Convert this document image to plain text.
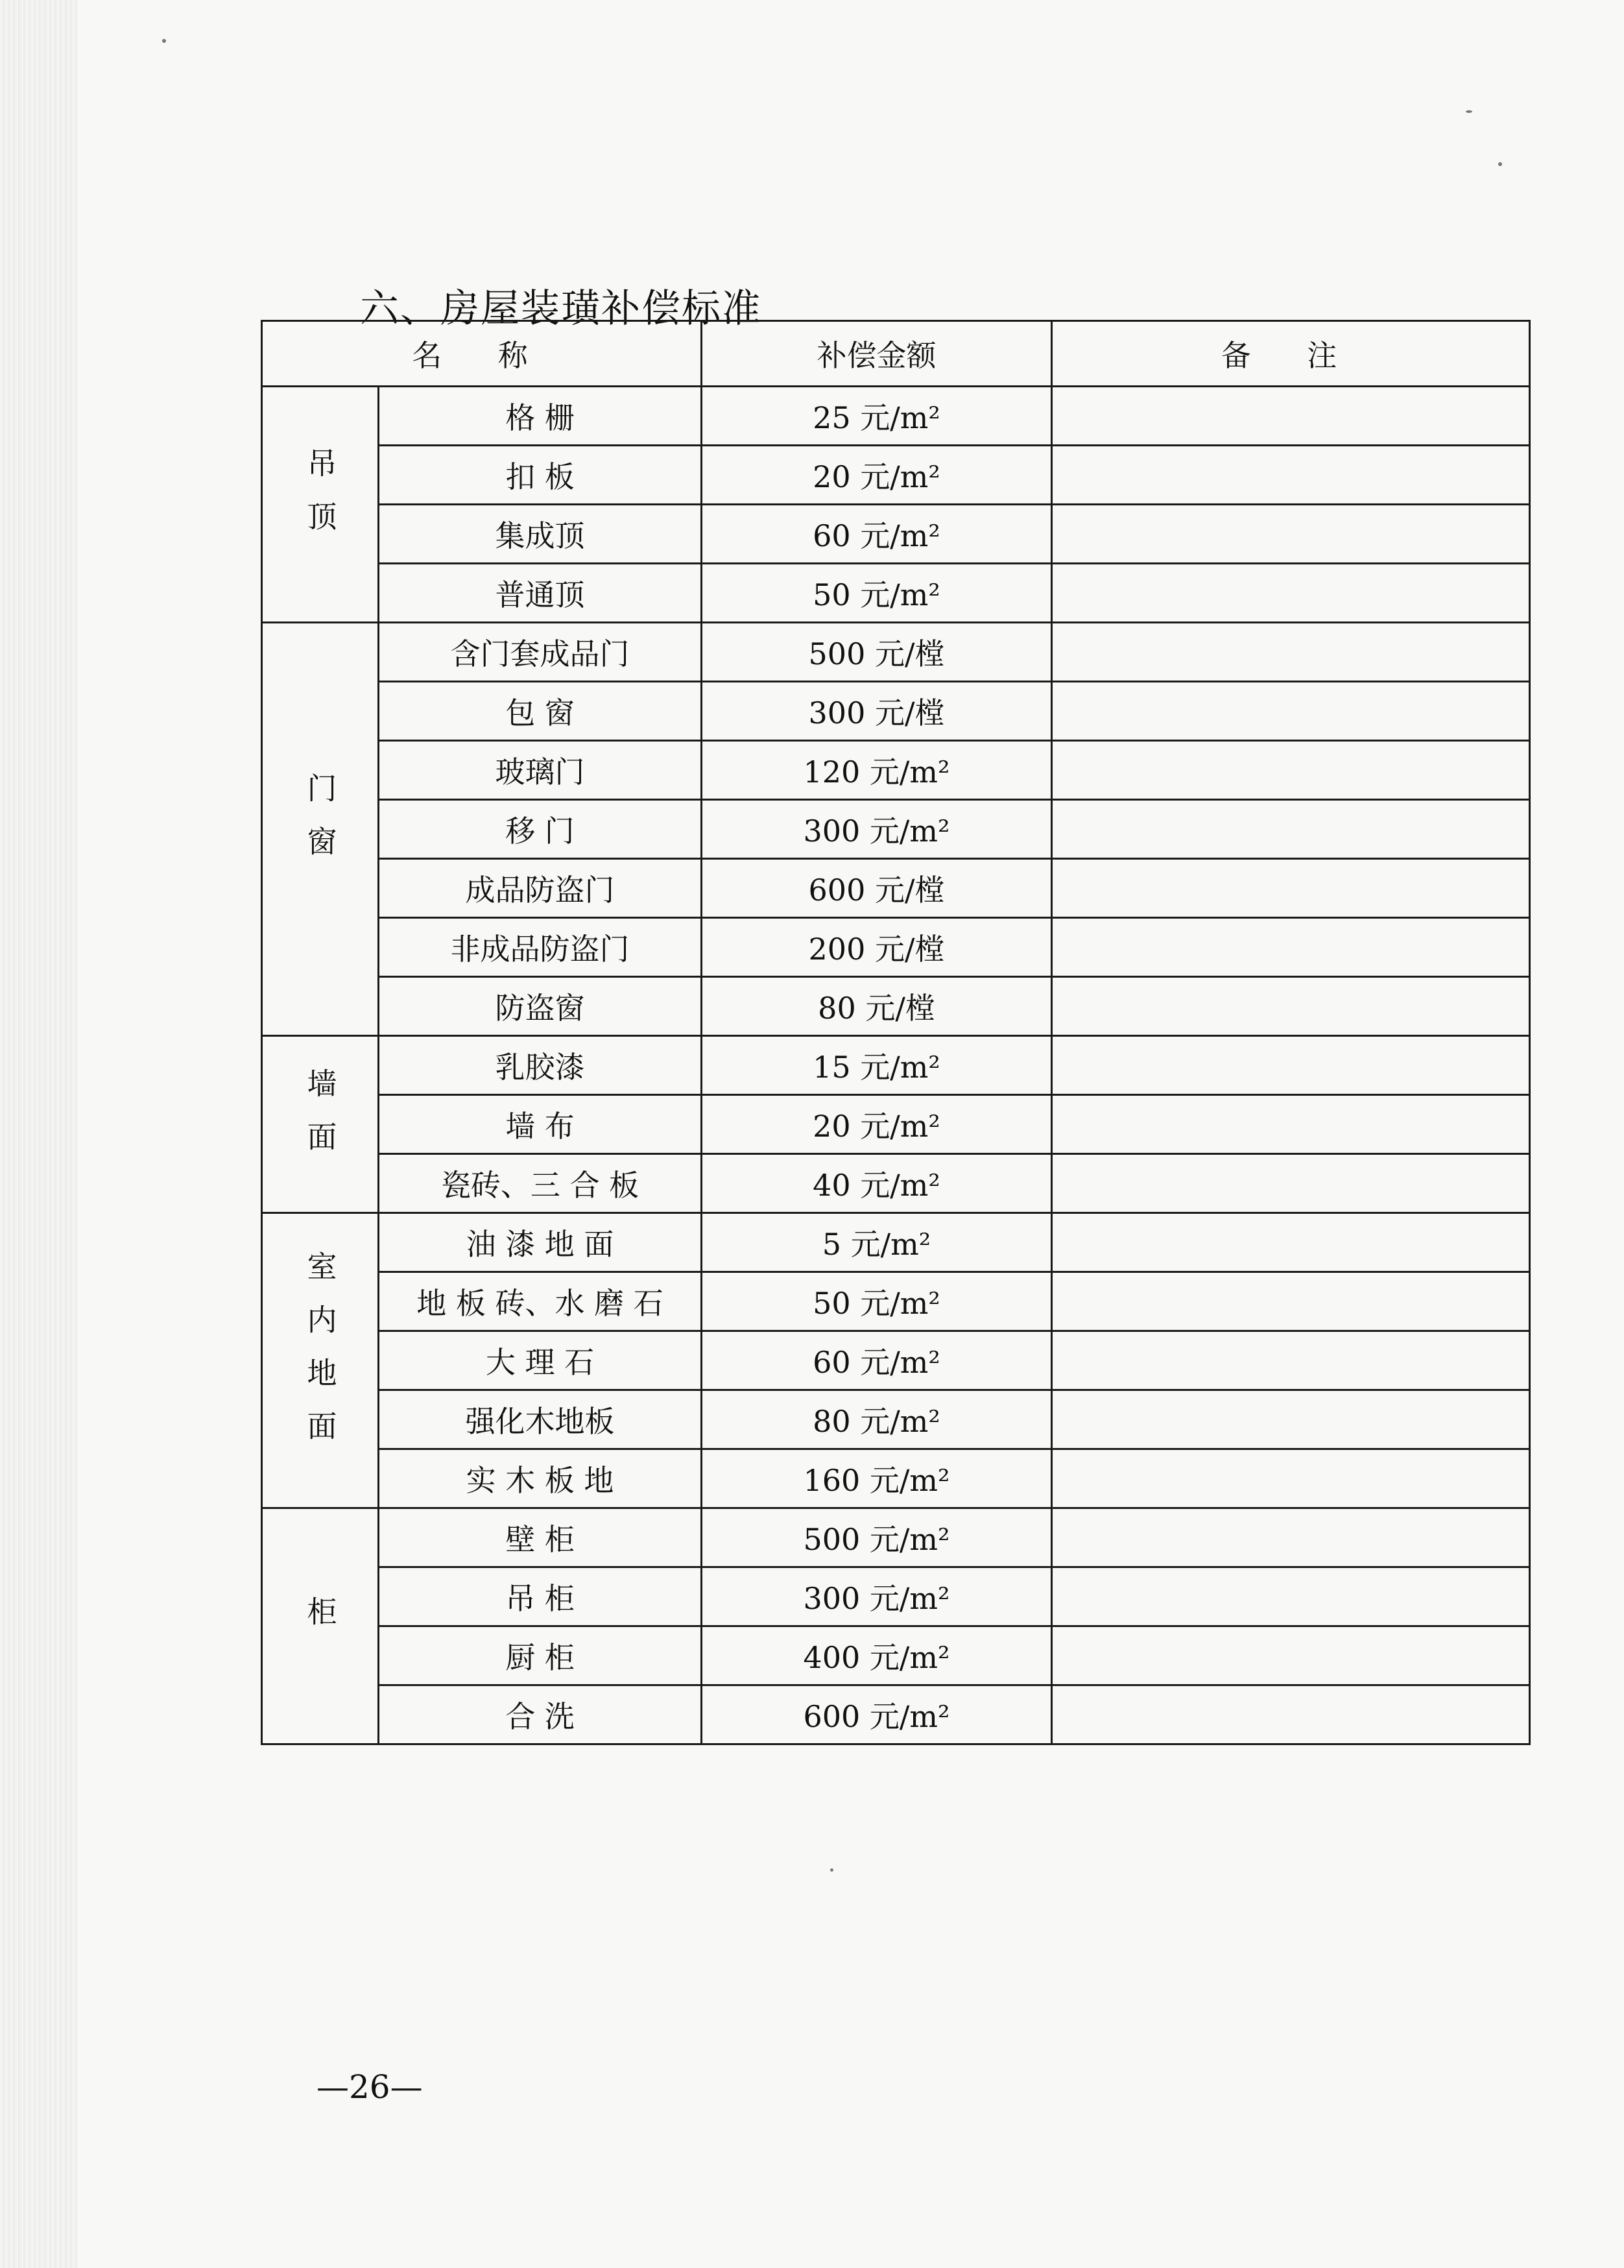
六、房屋装璜补偿标准
名 称		补偿金额	备 注
吊顶	格 栅	25 元/m²	
	扣 板	20 元/m²	
	集成顶	60 元/m²	
	普通顶	50 元/m²	
门窗	含门套成品门	500 元/樘	
	包 窗	300 元/樘	
	玻璃门	120 元/m²	
	移 门	300 元/m²	
	成品防盗门	600 元/樘	
	非成品防盗门	200 元/樘	
	防盗窗	80 元/樘	
墙面	乳胶漆	15 元/m²	
	墙 布	20 元/m²	
	瓷砖、三 合 板	40 元/m²	
室内地面	油 漆 地 面	5 元/m²	
	地 板 砖、水 磨 石	50 元/m²	
	大 理 石	60 元/m²	
	强化木地板	80 元/m²	
	实 木 板 地	160 元/m²	
柜	壁 柜	500 元/m²	
	吊 柜	300 元/m²	
	厨 柜	400 元/m²	
	合 洗	600 元/m²	
—26—
